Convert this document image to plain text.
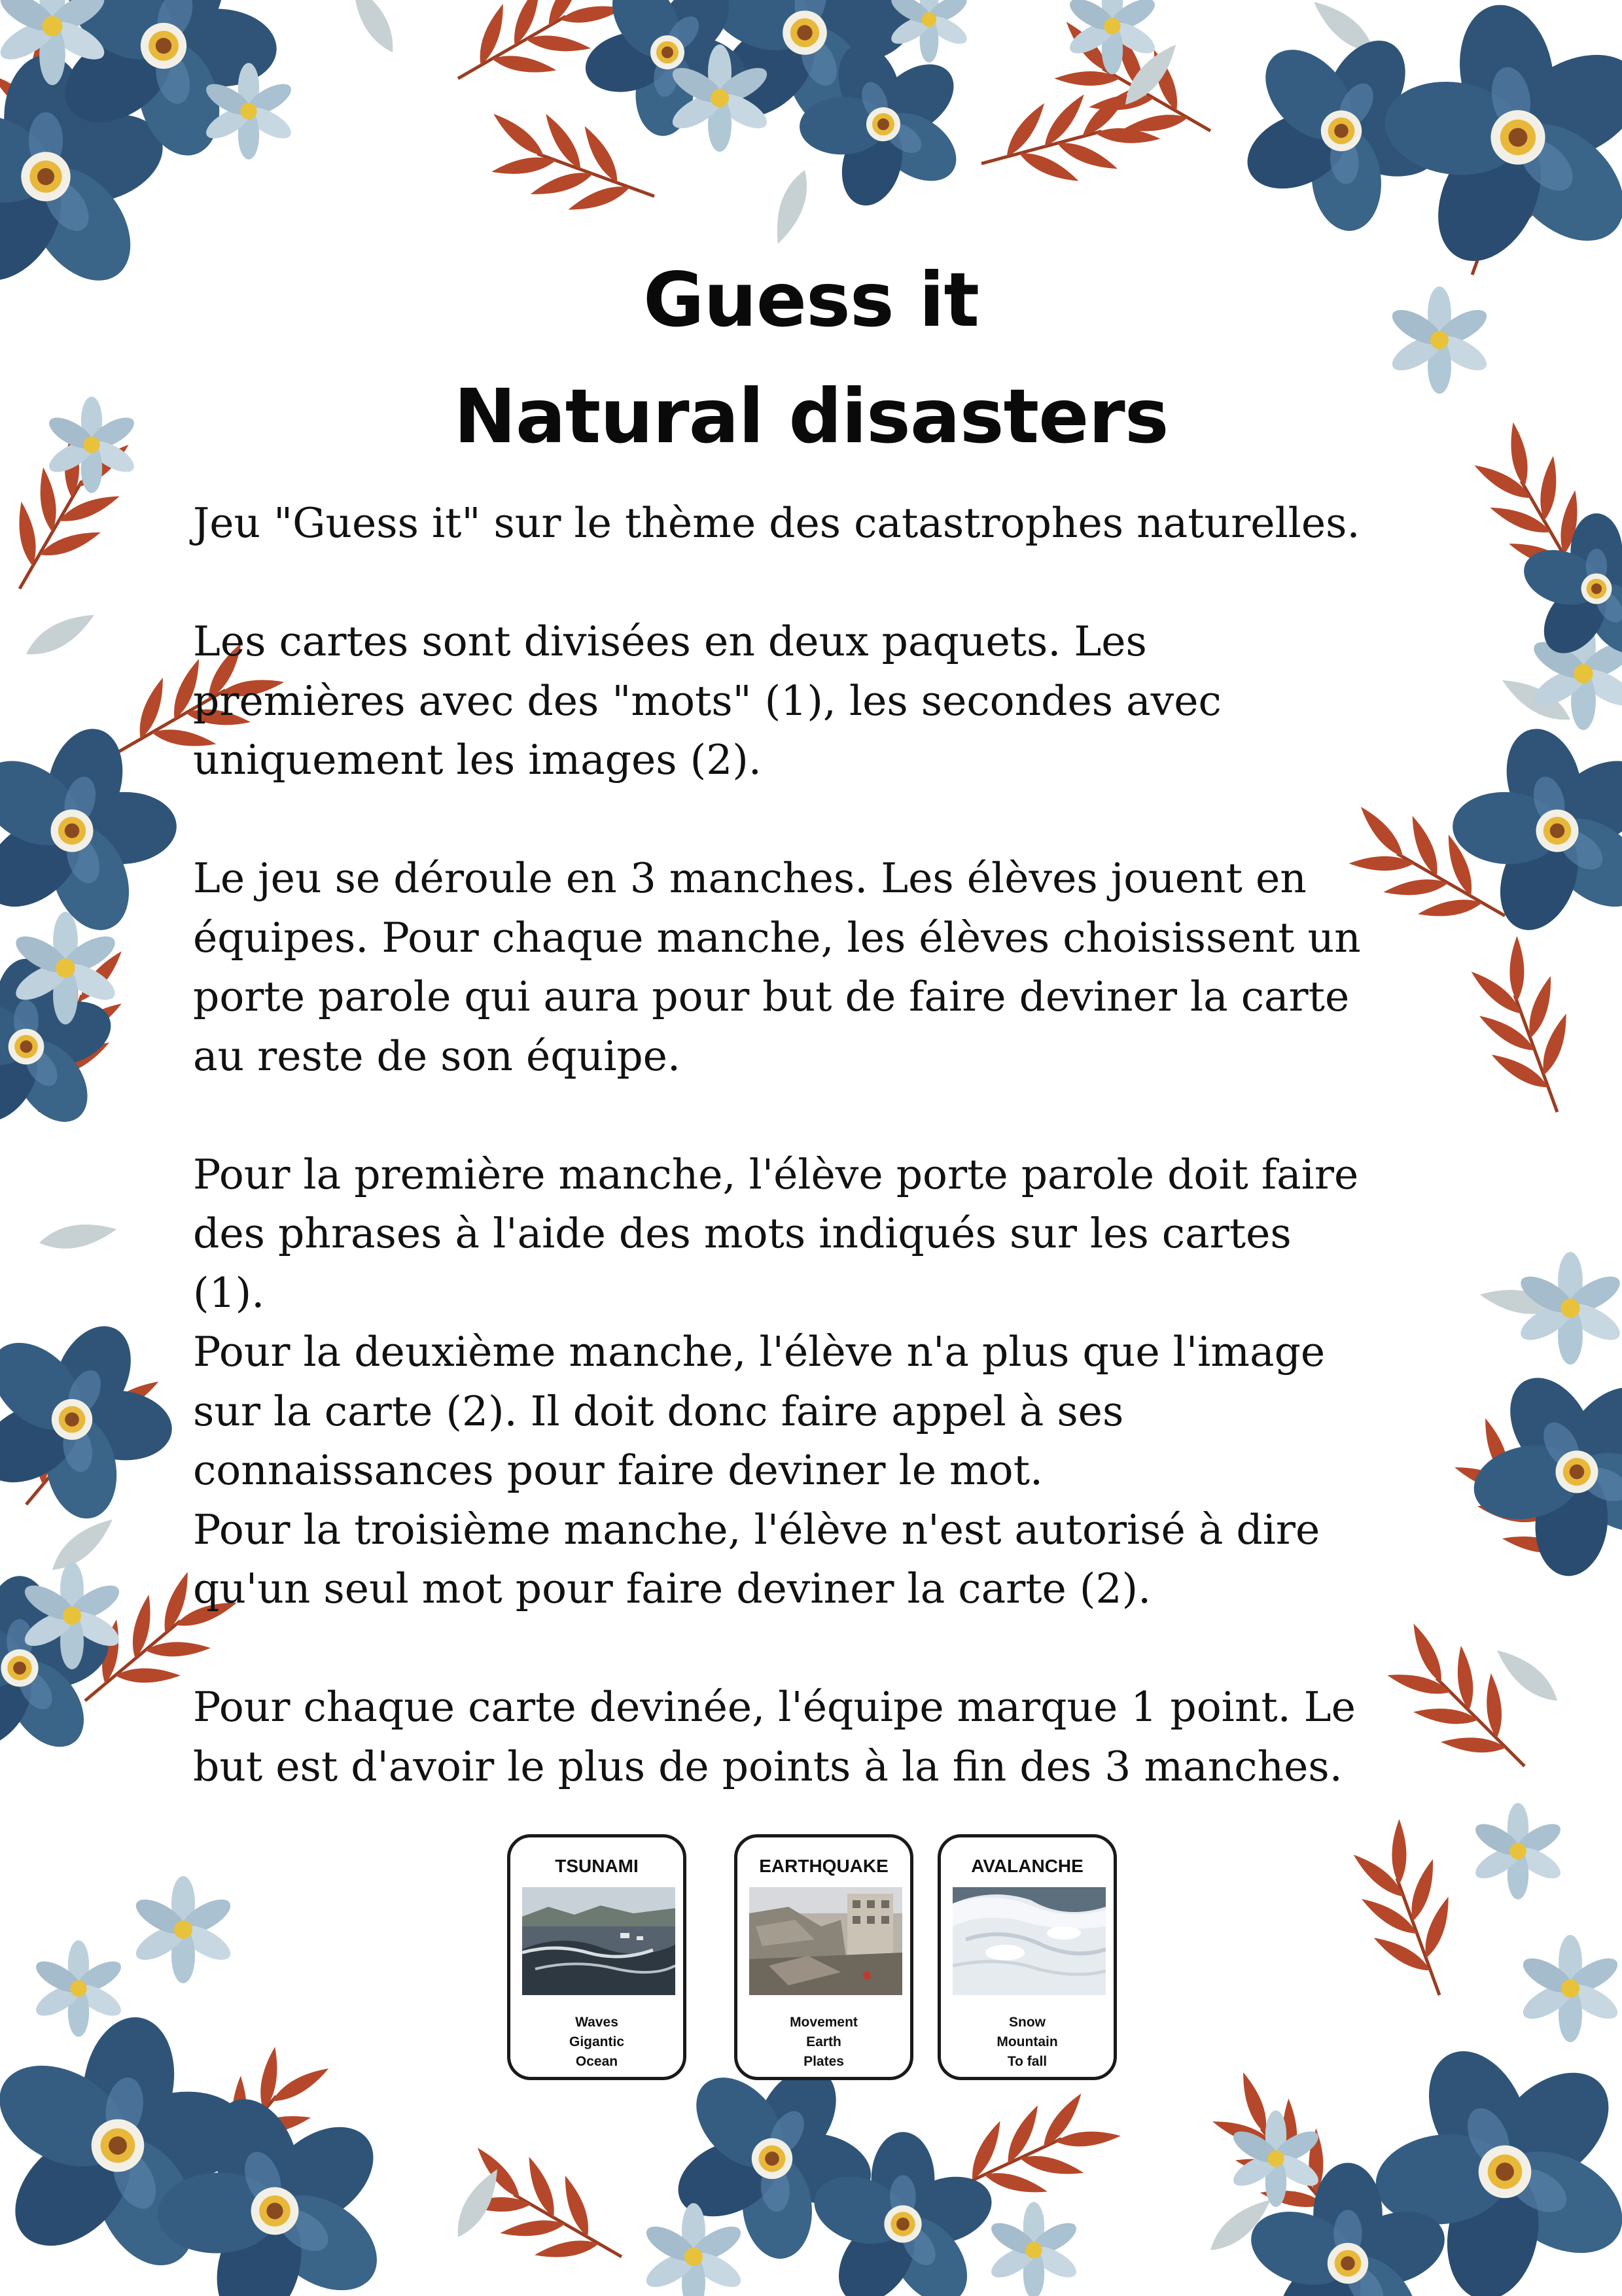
Guess it
Natural disasters

Jeu "Guess it" sur le thème des catastrophes naturelles.

Les cartes sont divisées en deux paquets. Les
premières avec des "mots" (1), les secondes avec
uniquement les images (2).

Le jeu se déroule en 3 manches. Les élèves jouent en
équipes. Pour chaque manche, les élèves choisissent un
porte parole qui aura pour but de faire deviner la carte
au reste de son équipe.

Pour la première manche, l'élève porte parole doit faire
des phrases à l'aide des mots indiqués sur les cartes
(1).
Pour la deuxième manche, l'élève n'a plus que l'image
sur la carte (2). Il doit donc faire appel à ses
connaissances pour faire deviner le mot.
Pour la troisième manche, l'élève n'est autorisé à dire
qu'un seul mot pour faire deviner la carte (2).

Pour chaque carte devinée, l'équipe marque 1 point. Le
but est d'avoir le plus de points à la fin des 3 manches.

TSUNAMI
Waves
Gigantic
Ocean
EARTHQUAKE
Movement
Earth
Plates
AVALANCHE
Snow
Mountain
To fall
